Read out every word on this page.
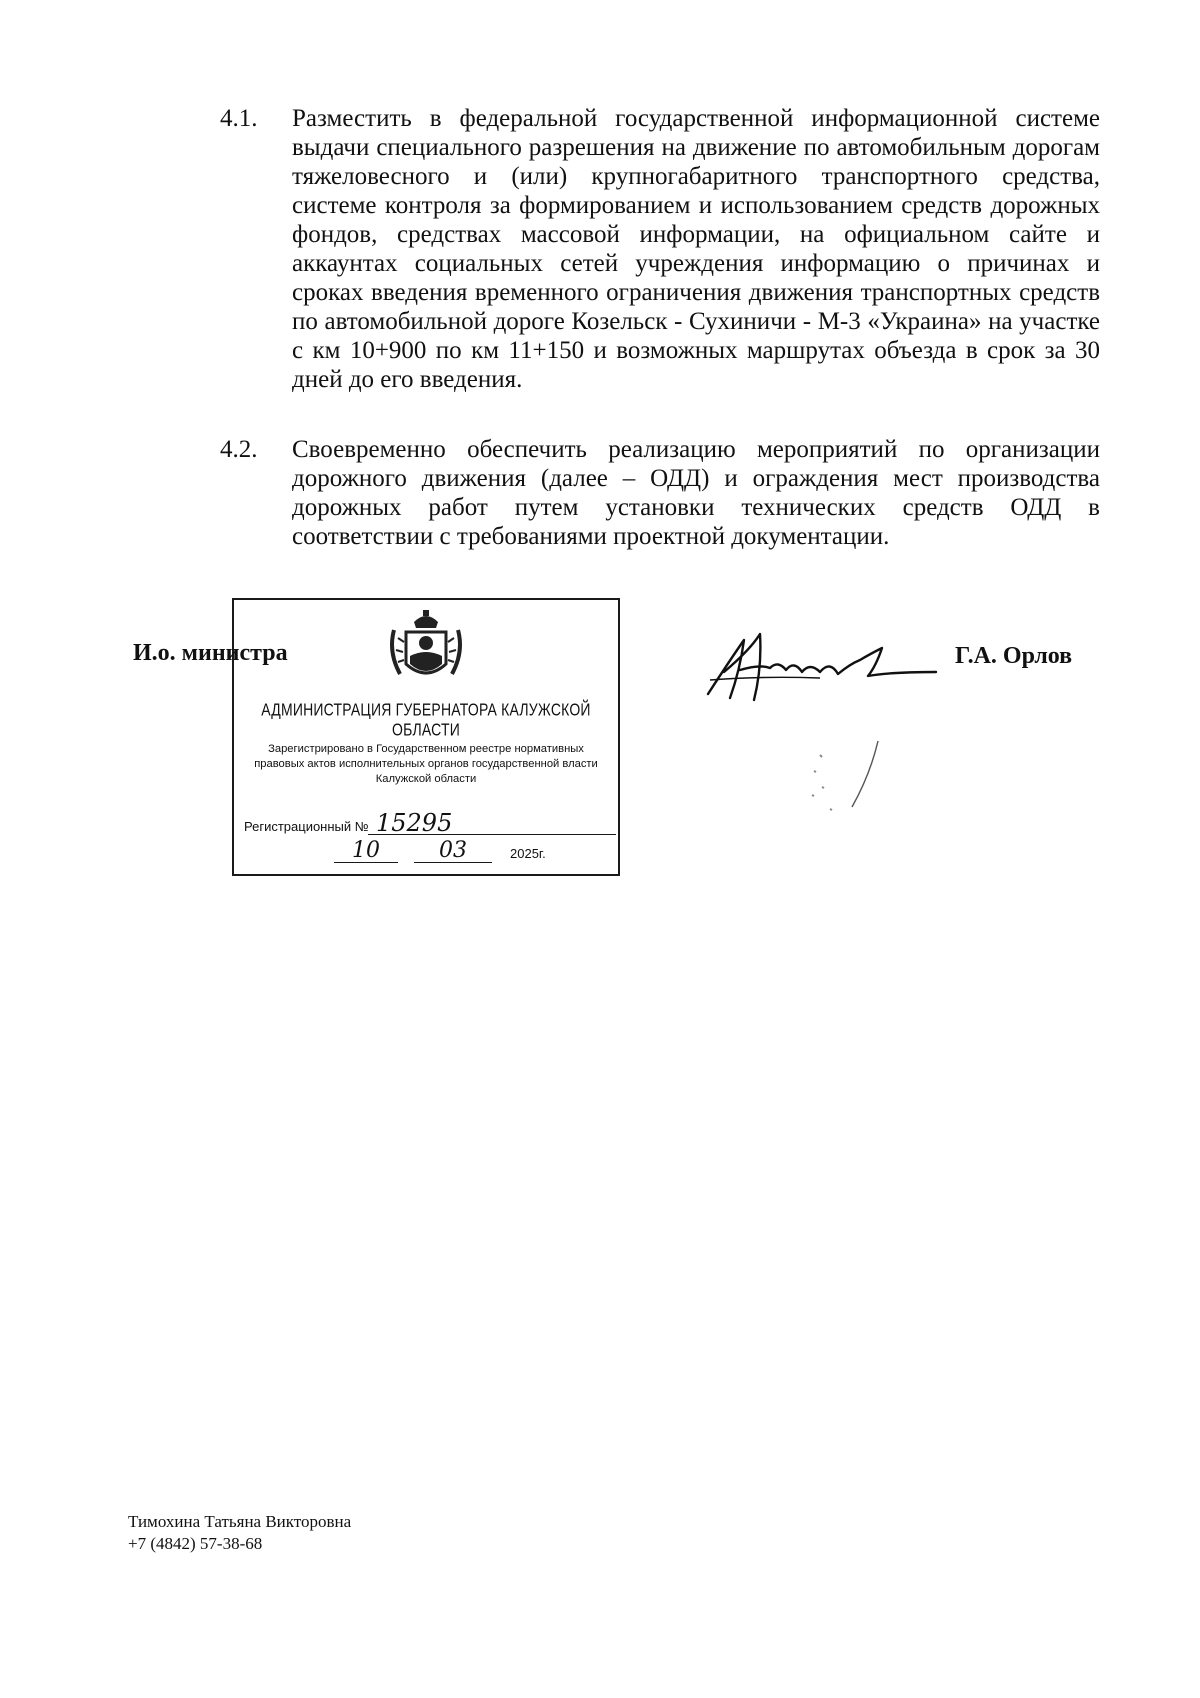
4.1. Разместить в федеральной государственной информационной системе выдачи специального разрешения на движение по автомобильным дорогам тяжеловесного и (или) крупногабаритного транспортного средства, системе контроля за формированием и использованием средств дорожных фондов, средствах массовой информации, на официальном сайте и аккаунтах социальных сетей учреждения информацию о причинах и сроках введения временного ограничения движения транспортных средств по автомобильной дороге Козельск - Сухиничи - М-3 «Украина» на участке с км 10+900 по км 11+150 и возможных маршрутах объезда в срок за 30 дней до его введения.
4.2. Своевременно обеспечить реализацию мероприятий по организации дорожного движения (далее – ОДД) и ограждения мест производства дорожных работ путем установки технических средств ОДД в соответствии с требованиями проектной документации.
АДМИНИСТРАЦИЯ ГУБЕРНАТОРА КАЛУЖСКОЙ ОБЛАСТИ
Зарегистрировано в Государственном реестре нормативных
правовых актов исполнительных органов государственной власти
Калужской области
Регистрационный № 15295
10	03	2025г.
И.о. министра	Г.А. Орлов
Тимохина Татьяна Викторовна
+7 (4842) 57-38-68
